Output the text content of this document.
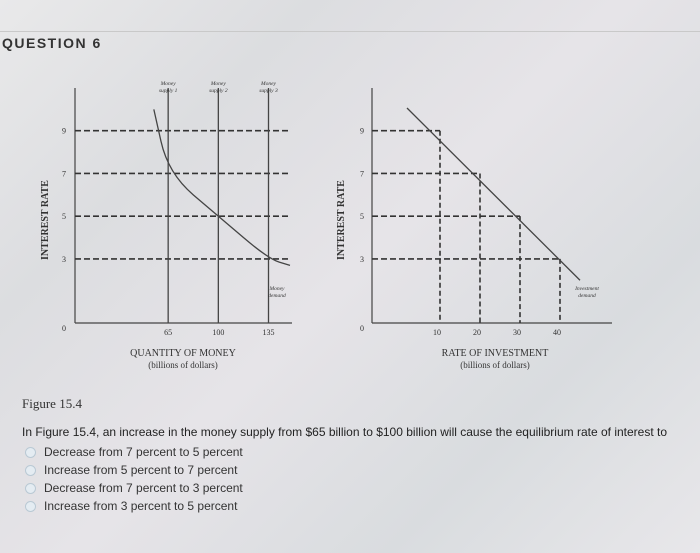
QUESTION 6
0
3
5
7
9
65	100	135
Money
supply 1
Money
supply 2
Money
supply 3
Money
demand
INTEREST RATE
QUANTITY OF MONEY
(billions of dollars)
0
3
5
7
9
10	20	30	40
Investment
demand
INTEREST RATE
RATE OF INVESTMENT
(billions of dollars)
Figure 15.4
In Figure 15.4, an increase in the money supply from $65 billion to $100 billion will cause the equilibrium rate of interest to
Decrease from 7 percent to 5 percent
Increase from 5 percent to 7 percent
Decrease from 7 percent to 3 percent
Increase from 3 percent to 5 percent
